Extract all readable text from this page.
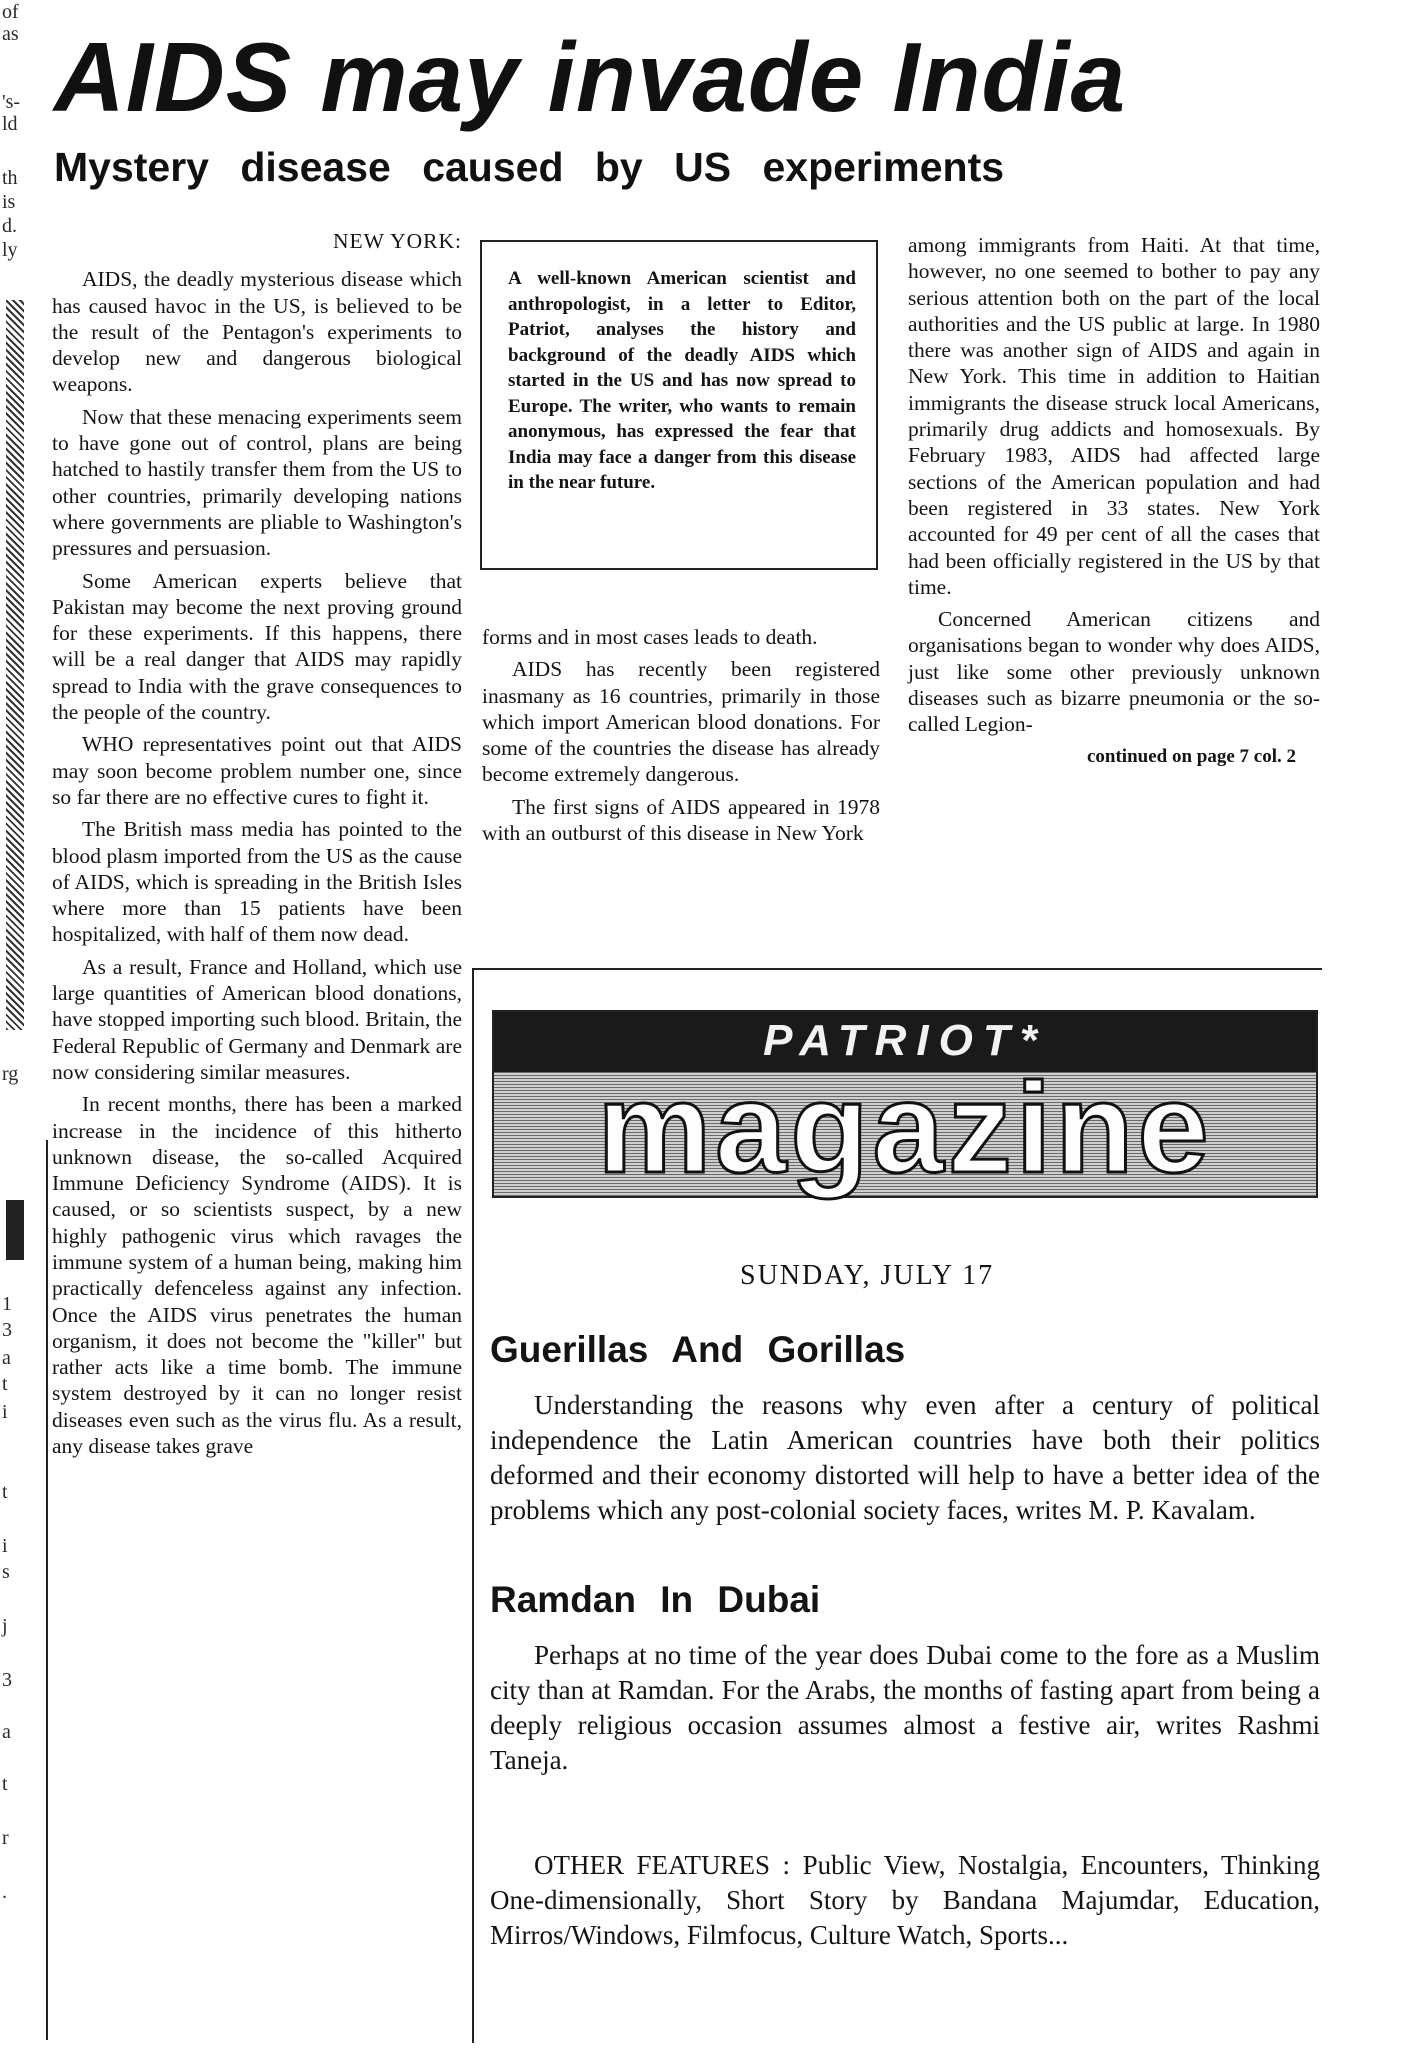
of
as
's-
ld
th
is
d.
ly
rg
1
3
a
t
i
t
i
s
j
3
a
t
r
.
AIDS may invade India
Mystery disease caused by US experiments
NEW YORK:

AIDS, the deadly mysterious disease which has caused havoc in the US, is believed to be the result of the Pentagon's experiments to develop new and dangerous biological weapons.

Now that these menacing experiments seem to have gone out of control, plans are being hatched to hastily transfer them from the US to other countries, primarily developing nations where governments are pliable to Washington's pressures and persuasion.

Some American experts believe that Pakistan may become the next proving ground for these experiments. If this happens, there will be a real danger that AIDS may rapidly spread to India with the grave consequences to the people of the country.

WHO representatives point out that AIDS may soon become problem number one, since so far there are no effective cures to fight it.

The British mass media has pointed to the blood plasm imported from the US as the cause of AIDS, which is spreading in the British Isles where more than 15 patients have been hospitalized, with half of them now dead.

As a result, France and Holland, which use large quantities of American blood donations, have stopped importing such blood. Britain, the Federal Republic of Germany and Denmark are now considering similar measures.

In recent months, there has been a marked increase in the incidence of this hitherto unknown disease, the so-called Acquired Immune Deficiency Syndrome (AIDS). It is caused, or so scientists suspect, by a new highly pathogenic virus which ravages the immune system of a human being, making him practically defenceless against any infection. Once the AIDS virus penetrates the human organism, it does not become the "killer" but rather acts like a time bomb. The immune system destroyed by it can no longer resist diseases even such as the virus flu. As a result, any disease takes grave

A well-known American scientist and anthropologist, in a letter to Editor, Patriot, analyses the history and background of the deadly AIDS which started in the US and has now spread to Europe. The writer, who wants to remain anonymous, has expressed the fear that India may face a danger from this disease in the near future.

forms and in most cases leads to death.

AIDS has recently been registered inasmany as 16 countries, primarily in those which import American blood donations. For some of the countries the disease has already become extremely dangerous.

The first signs of AIDS appeared in 1978 with an outburst of this disease in New York

among immigrants from Haiti. At that time, however, no one seemed to bother to pay any serious attention both on the part of the local authorities and the US public at large. In 1980 there was another sign of AIDS and again in New York. This time in addition to Haitian immigrants the disease struck local Americans, primarily drug addicts and homosexuals. By February 1983, AIDS had affected large sections of the American population and had been registered in 33 states. New York accounted for 49 per cent of all the cases that had been officially registered in the US by that time.

Concerned American citizens and organisations began to wonder why does AIDS, just like some other previously unknown diseases such as bizarre pneumonia or the so-called Legion-

continued on page 7 col. 2
PATRIOT*
magazine
SUNDAY, JULY 17
Guerillas And Gorillas

Understanding the reasons why even after a century of political independence the Latin American countries have both their politics deformed and their economy distorted will help to have a better idea of the problems which any post-colonial society faces, writes M. P. Kavalam.

Ramdan In Dubai

Perhaps at no time of the year does Dubai come to the fore as a Muslim city than at Ramdan. For the Arabs, the months of fasting apart from being a deeply religious occasion assumes almost a festive air, writes Rashmi Taneja.

OTHER FEATURES : Public View, Nostalgia, Encounters, Thinking One-dimensionally, Short Story by Bandana Majumdar, Education, Mirros/Windows, Filmfocus, Culture Watch, Sports...
